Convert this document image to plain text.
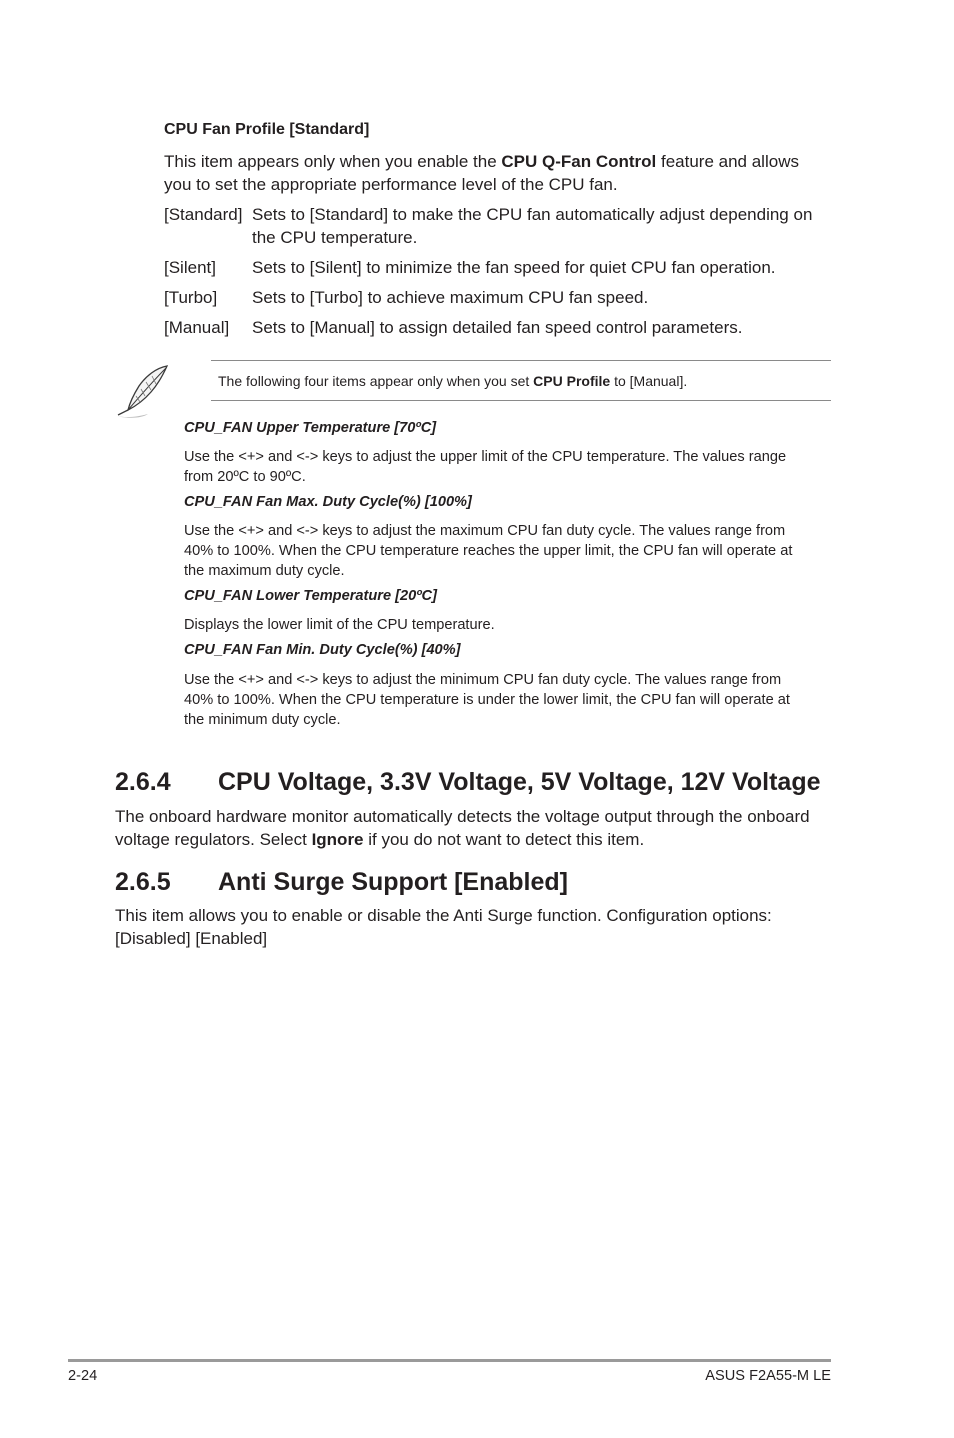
CPU Fan Profile [Standard]
This item appears only when you enable the CPU Q-Fan Control feature and allows
you to set the appropriate performance level of the CPU fan.
[Standard] Sets to [Standard] to make the CPU fan automatically adjust depending on
the CPU temperature.
[Silent] Sets to [Silent] to minimize the fan speed for quiet CPU fan operation.
[Turbo] Sets to [Turbo] to achieve maximum CPU fan speed.
[Manual] Sets to [Manual] to assign detailed fan speed control parameters.
The following four items appear only when you set CPU Profile to [Manual].
CPU_FAN Upper Temperature [70ºC]
Use the <+> and <-> keys to adjust the upper limit of the CPU temperature. The values range
from 20ºC to 90ºC.
CPU_FAN Fan Max. Duty Cycle(%) [100%]
Use the <+> and <-> keys to adjust the maximum CPU fan duty cycle. The values range from
40% to 100%. When the CPU temperature reaches the upper limit, the CPU fan will operate at
the maximum duty cycle.
CPU_FAN Lower Temperature [20ºC]
Displays the lower limit of the CPU temperature.
CPU_FAN Fan Min. Duty Cycle(%) [40%]
Use the <+> and <-> keys to adjust the minimum CPU fan duty cycle. The values range from
40% to 100%. When the CPU temperature is under the lower limit, the CPU fan will operate at
the minimum duty cycle.
2.6.4 CPU Voltage, 3.3V Voltage, 5V Voltage, 12V Voltage
The onboard hardware monitor automatically detects the voltage output through the onboard
voltage regulators. Select Ignore if you do not want to detect this item.
2.6.5 Anti Surge Support [Enabled]
This item allows you to enable or disable the Anti Surge function. Configuration options:
[Disabled] [Enabled]
2-24	ASUS F2A55-M LE
